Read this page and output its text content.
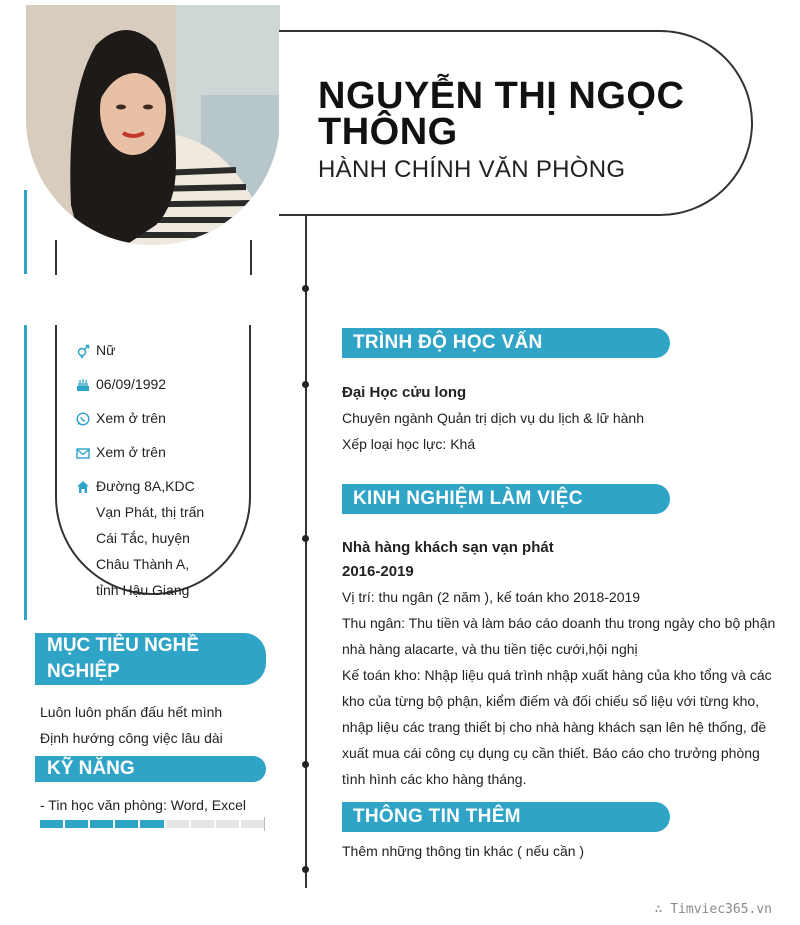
NGUYỄN THỊ NGỌC THÔNG
HÀNH CHÍNH VĂN PHÒNG
Nữ
06/09/1992
Xem ở trên
Xem ở trên
Đường 8A,KDC Vạn Phát, thị trấn Cái Tắc, huyện Châu Thành A, tỉnh Hậu Giang
MỤC TIÊU NGHỀ NGHIỆP
Luôn luôn phấn đấu hết mình
Định hướng công việc lâu dài
KỸ NĂNG
- Tin học văn phòng: Word, Excel
TRÌNH ĐỘ HỌC VẤN
Đại Học cửu long
Chuyên ngành Quản trị dịch vụ du lịch & lữ hành
Xếp loại học lực: Khá
KINH NGHIỆM LÀM VIỆC
Nhà hàng khách sạn vạn phát
2016-2019
Vị trí: thu ngân (2 năm ), kế toán kho 2018-2019
Thu ngân: Thu tiền và làm báo cáo doanh thu trong ngày cho bộ phận nhà hàng alacarte, và thu tiền tiệc cưới,hội nghị
Kế toán kho: Nhập liệu quá trình nhập xuất hàng của kho tổng và các kho của từng bộ phận, kiểm điếm và đối chiếu số liệu với từng kho, nhập liệu các trang thiết bị cho nhà hàng khách sạn lên hệ thống, đề xuất mua cái công cụ dụng cụ cần thiết. Báo cáo cho trưởng phòng tình hình các kho hàng tháng.
THÔNG TIN THÊM
Thêm những thông tin khác ( nếu cần )
∴ Timviec365.vn
